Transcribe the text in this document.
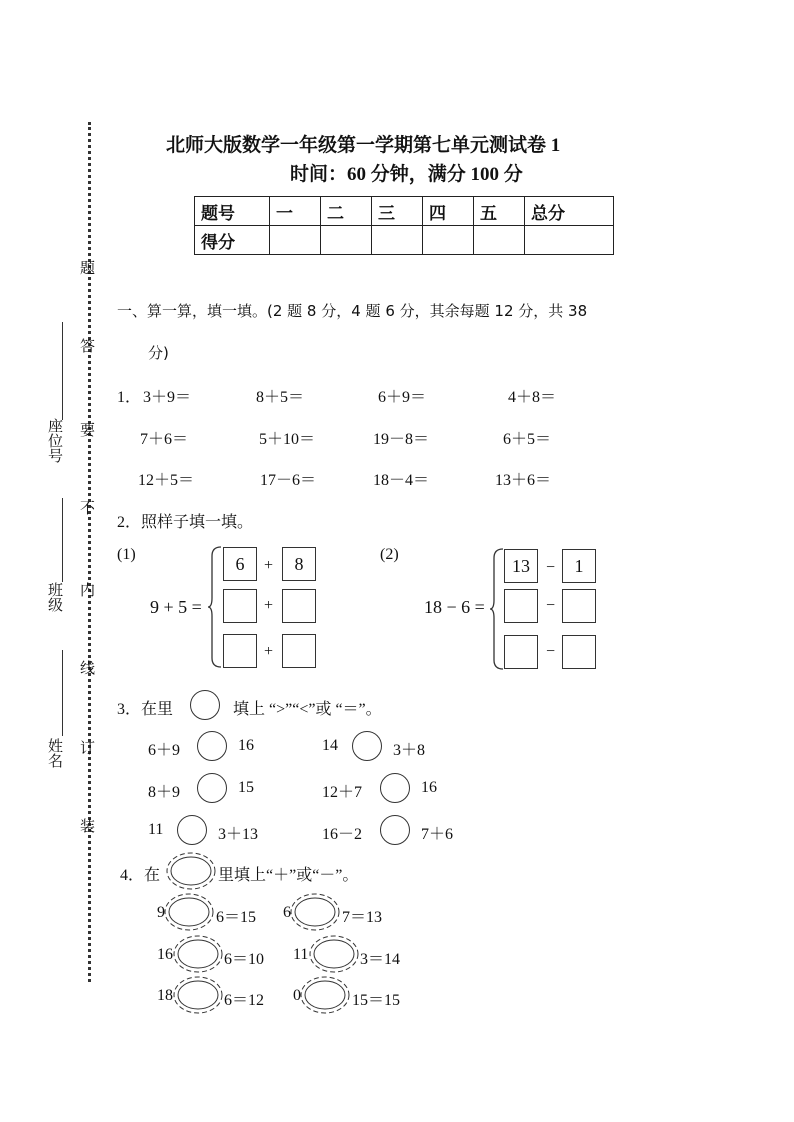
题
答
要
不
内
线
订
装
座位号
班级
姓名
北师大版数学一年级第一学期第七单元测试卷 1
时间：60 分钟，满分 100 分
题号	一	二	三	四	五	总分
得分						
一、算一算，填一填。(2 题 8 分，4 题 6 分，其余每题 12 分，共 38
分)
1． 3＋9＝	8＋5＝	6＋9＝	4＋8＝
7＋6＝	5＋10＝	19－8＝	6＋5＝
12＋5＝	17－6＝	18－4＝	13＋6＝
2．照样子填一填。
(1)
9 + 5 =
6	+	8
+
+
(2)
18 − 6 =
13	−	1
−
−
3．在里	填上 “>”“<”或 “＝”。
6＋9	16	14	3＋8
8＋9	15	12＋7	16
11	3＋13	16－2	7＋6
4．在	里填上“＋”或“－”。
9	6＝15 6	7＝13
16	6＝10 11	3＝14
18	6＝12 0	15＝15
